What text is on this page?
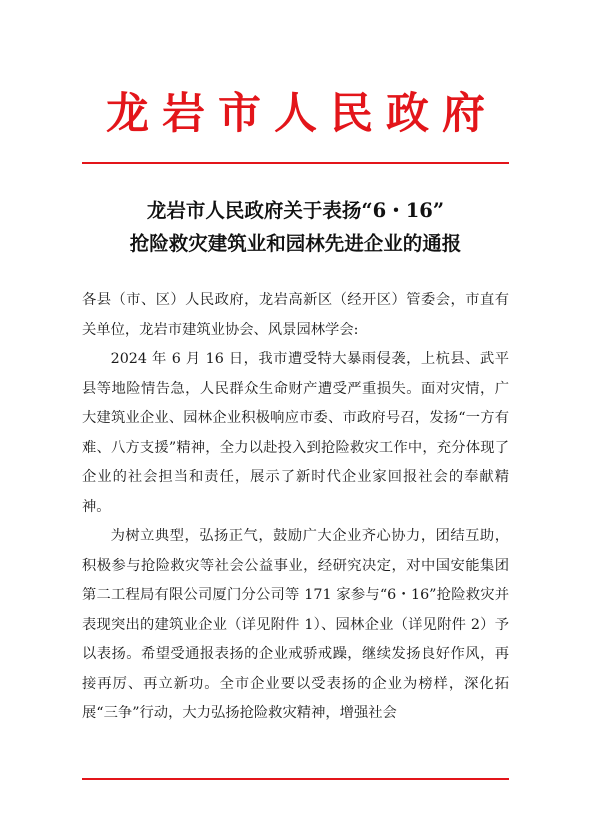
龙岩市人民政府
龙岩市人民政府关于表扬“6・16”
抢险救灾建筑业和园林先进企业的通报

各县（市、区）人民政府，龙岩高新区（经开区）管委会，市直有关单位，龙岩市建筑业协会、风景园林学会:

2024 年 6 月 16 日，我市遭受特大暴雨侵袭，上杭县、武平县等地险情告急，人民群众生命财产遭受严重损失。面对灾情，广大建筑业企业、园林企业积极响应市委、市政府号召，发扬“一方有难、八方支援”精神，全力以赴投入到抢险救灾工作中，充分体现了企业的社会担当和责任，展示了新时代企业家回报社会的奉献精神。

为树立典型，弘扬正气，鼓励广大企业齐心协力，团结互助，积极参与抢险救灾等社会公益事业，经研究决定，对中国安能集团第二工程局有限公司厦门分公司等 171 家参与“6・16”抢险救灾并表现突出的建筑业企业（详见附件 1）、园林企业（详见附件 2）予以表扬。希望受通报表扬的企业戒骄戒躁，继续发扬良好作风，再接再厉、再立新功。全市企业要以受表扬的企业为榜样，深化拓展“三争”行动，大力弘扬抢险救灾精神，增强社会
